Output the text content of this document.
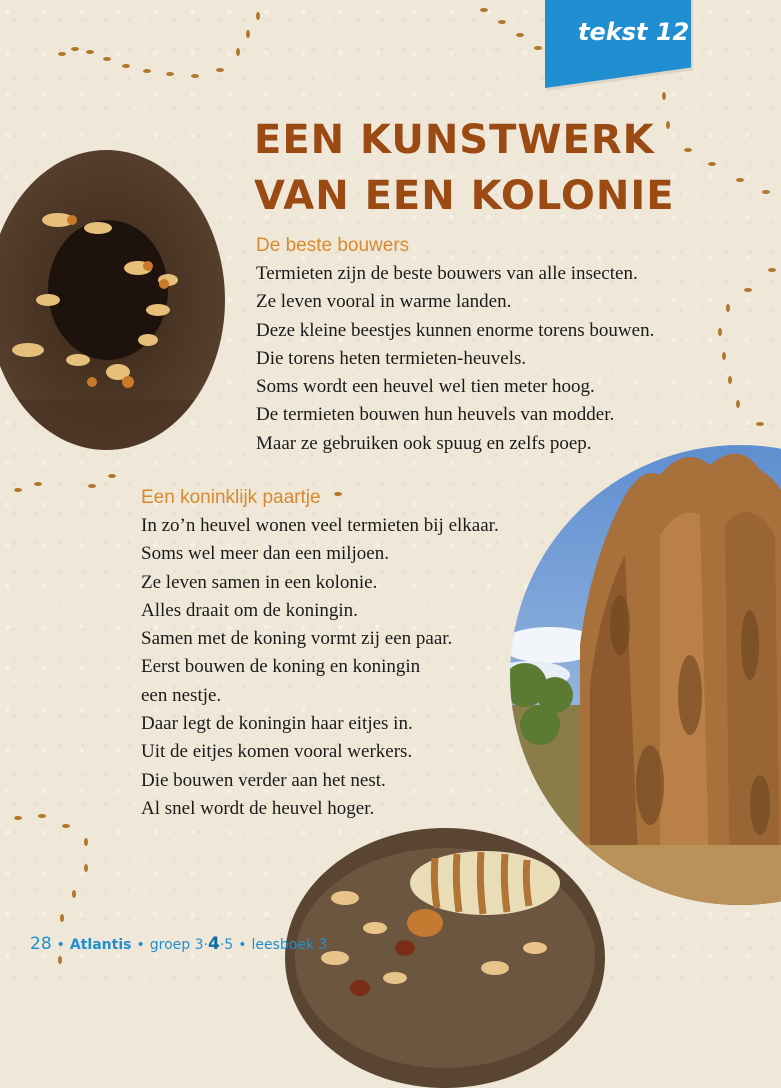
tekst 12
EEN KUNSTWERK
VAN EEN KOLONIE
De beste bouwers
Termieten zijn de beste bouwers van alle insecten.
Ze leven vooral in warme landen.
Deze kleine beestjes kunnen enorme torens bouwen.
Die torens heten termieten-heuvels.
Soms wordt een heuvel wel tien meter hoog.
De termieten bouwen hun heuvels van modder.
Maar ze gebruiken ook spuug en zelfs poep.
Een koninklijk paartje
In zo’n heuvel wonen veel termieten bij elkaar.
Soms wel meer dan een miljoen.
Ze leven samen in een kolonie.
Alles draait om de koningin.
Samen met de koning vormt zij een paar.
Eerst bouwen de koning en koningin
een nestje.
Daar legt de koningin haar eitjes in.
Uit de eitjes komen vooral werkers.
Die bouwen verder aan het nest.
Al snel wordt de heuvel hoger.
28 • Atlantis • groep 3·4·5 • leesboek 3
